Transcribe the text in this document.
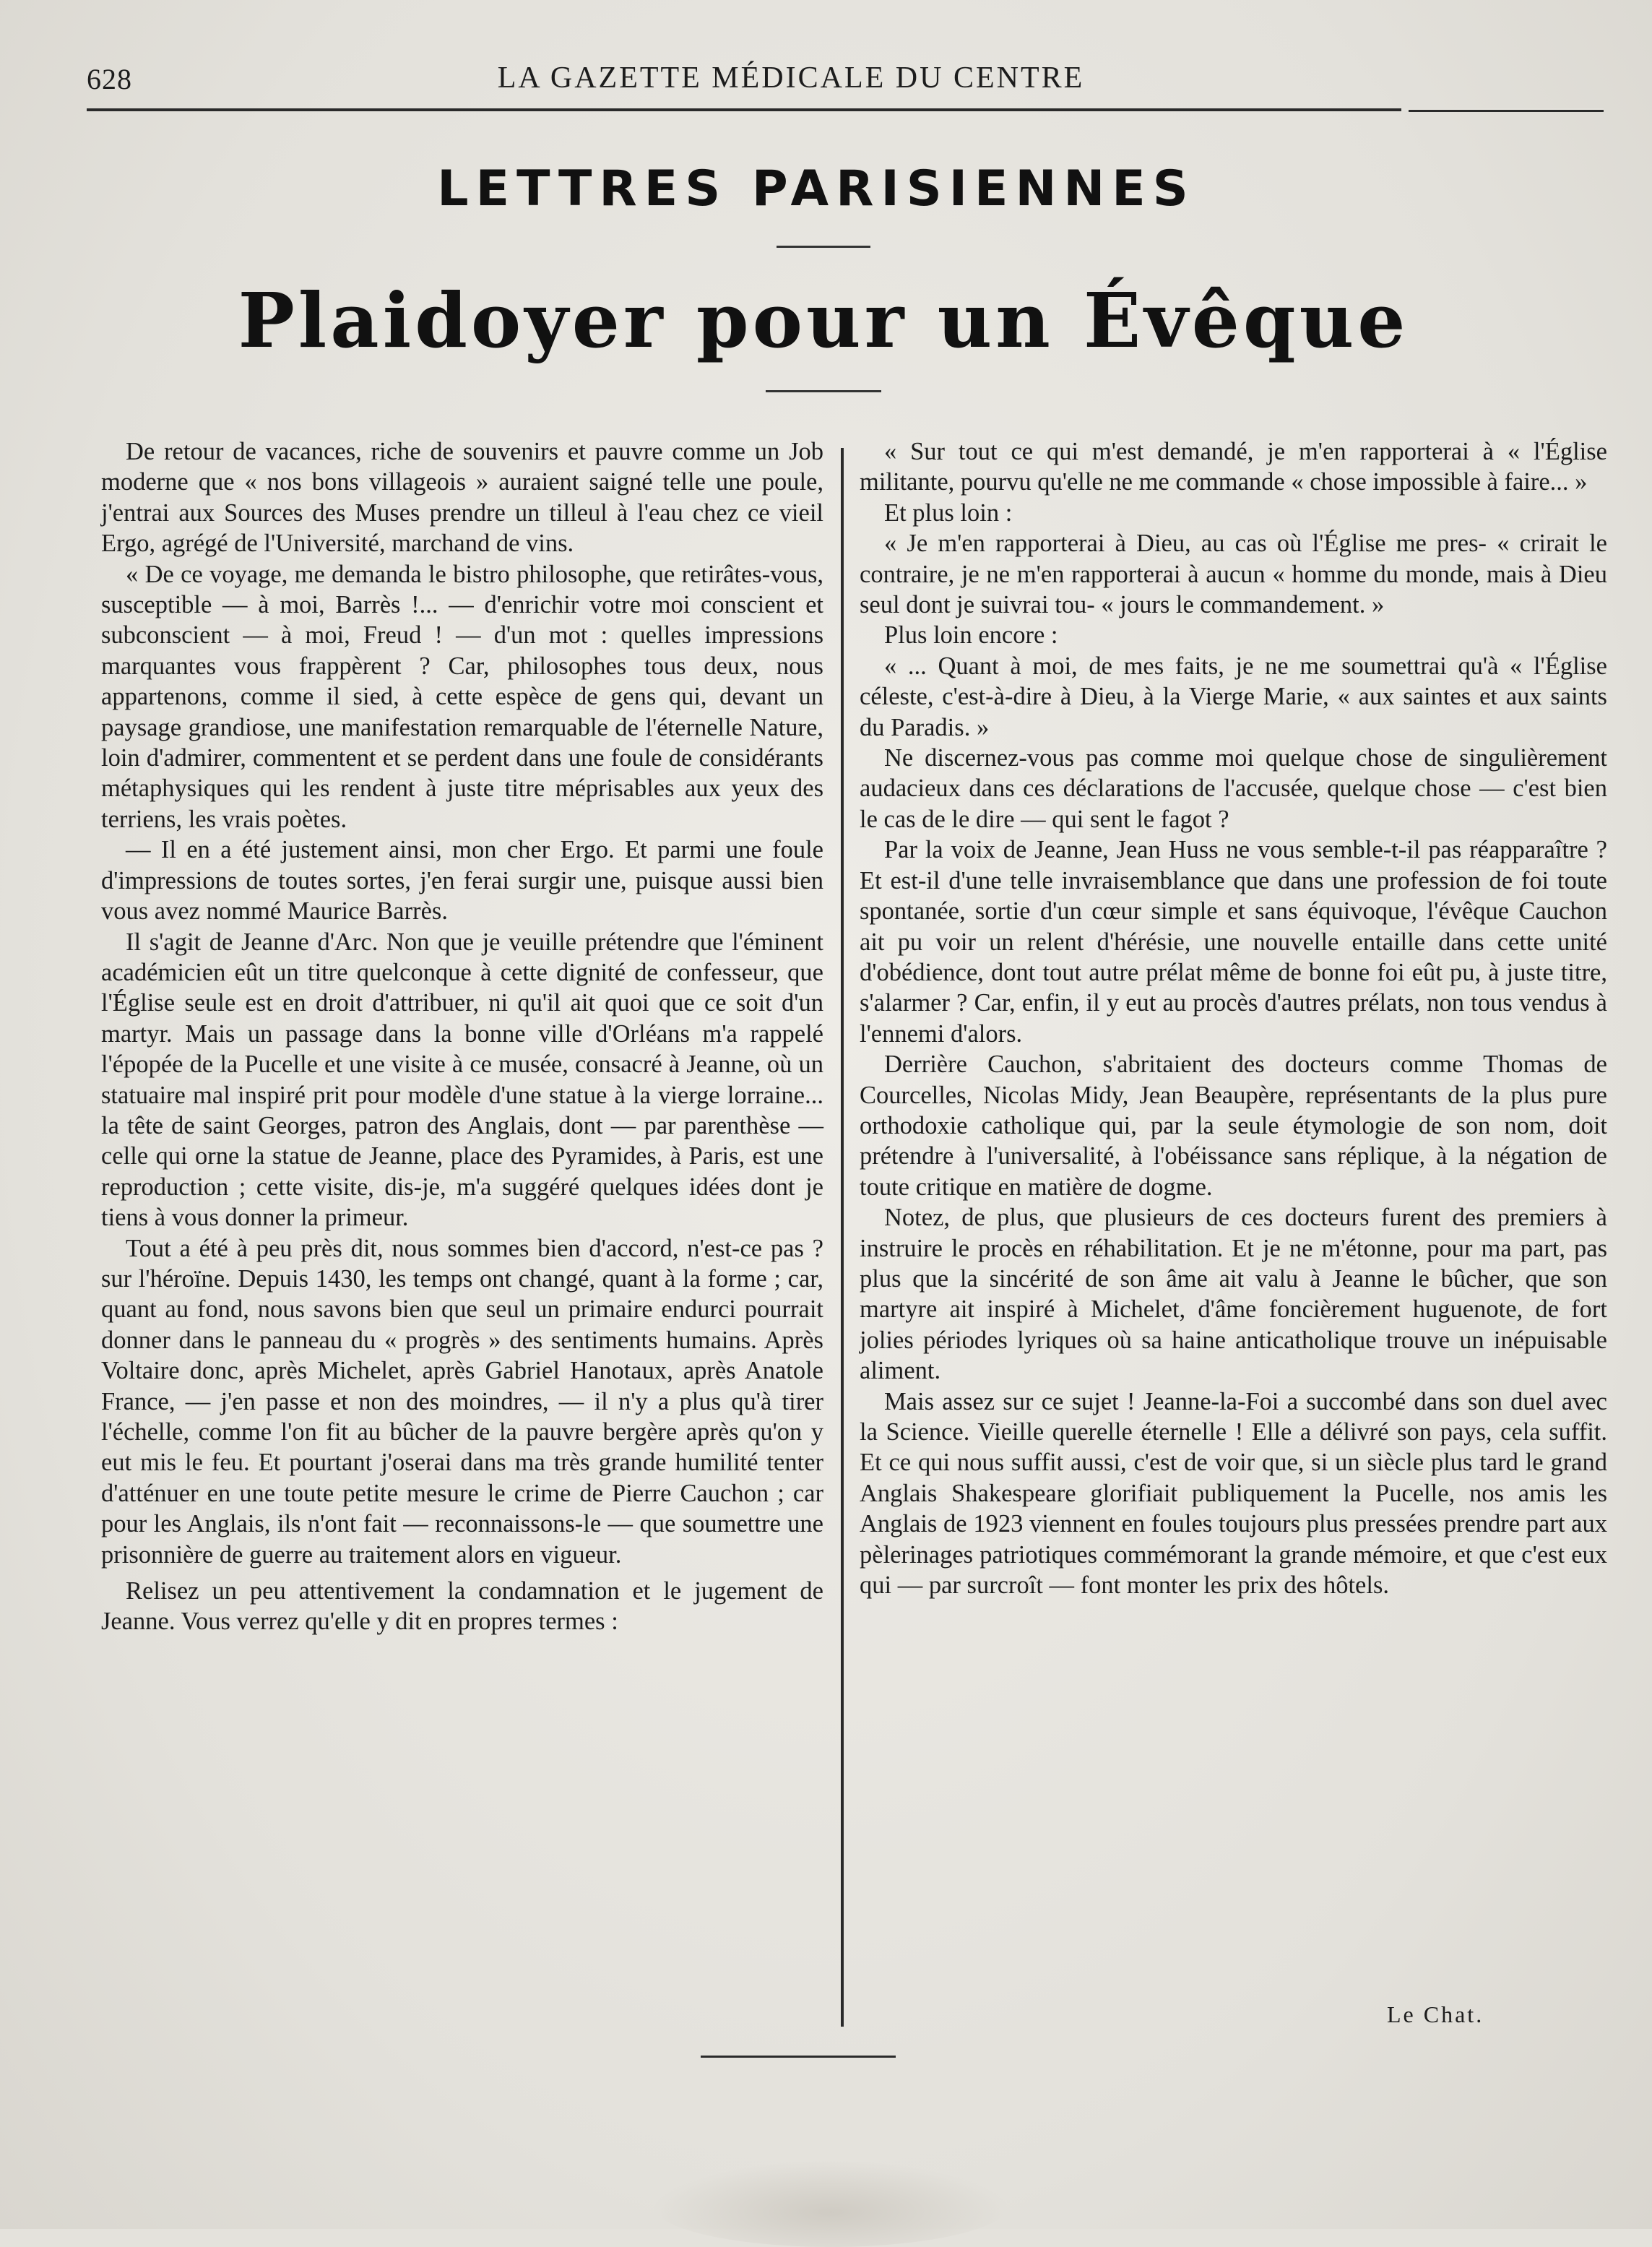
628	LA GAZETTE MÉDICALE DU CENTRE
LETTRES PARISIENNES
Plaidoyer pour un Évêque

De retour de vacances, riche de souvenirs et pauvre comme un Job moderne que « nos bons villageois » auraient saigné telle une poule, j'entrai aux Sources des Muses prendre un tilleul à l'eau chez ce vieil Ergo, agrégé de l'Université, marchand de vins.

« De ce voyage, me demanda le bistro philosophe, que retirâtes-vous, susceptible — à moi, Barrès !... — d'enrichir votre moi conscient et subconscient — à moi, Freud ! — d'un mot : quelles impressions marquantes vous frappèrent ? Car, philosophes tous deux, nous appartenons, comme il sied, à cette espèce de gens qui, devant un paysage grandiose, une manifestation remarquable de l'éternelle Nature, loin d'admirer, commentent et se perdent dans une foule de considérants métaphysiques qui les rendent à juste titre méprisables aux yeux des terriens, les vrais poètes.

— Il en a été justement ainsi, mon cher Ergo. Et parmi une foule d'impressions de toutes sortes, j'en ferai surgir une, puisque aussi bien vous avez nommé Maurice Barrès.

Il s'agit de Jeanne d'Arc. Non que je veuille prétendre que l'éminent académicien eût un titre quelconque à cette dignité de confesseur, que l'Église seule est en droit d'attribuer, ni qu'il ait quoi que ce soit d'un martyr. Mais un passage dans la bonne ville d'Orléans m'a rappelé l'épopée de la Pucelle et une visite à ce musée, consacré à Jeanne, où un statuaire mal inspiré prit pour modèle d'une statue à la vierge lorraine... la tête de saint Georges, patron des Anglais, dont — par parenthèse — celle qui orne la statue de Jeanne, place des Pyramides, à Paris, est une reproduction ; cette visite, dis-je, m'a suggéré quelques idées dont je tiens à vous donner la primeur.

Tout a été à peu près dit, nous sommes bien d'accord, n'est-ce pas ? sur l'héroïne. Depuis 1430, les temps ont changé, quant à la forme ; car, quant au fond, nous savons bien que seul un primaire endurci pourrait donner dans le panneau du « progrès » des sentiments humains. Après Voltaire donc, après Michelet, après Gabriel Hanotaux, après Anatole France, — j'en passe et non des moindres, — il n'y a plus qu'à tirer l'échelle, comme l'on fit au bûcher de la pauvre bergère après qu'on y eut mis le feu. Et pourtant j'oserai dans ma très grande humilité tenter d'atténuer en une toute petite mesure le crime de Pierre Cauchon ; car pour les Anglais, ils n'ont fait — reconnaissons-le — que soumettre une prisonnière de guerre au traitement alors en vigueur.

Relisez un peu attentivement la condamnation et le jugement de Jeanne. Vous verrez qu'elle y dit en propres termes :

« Sur tout ce qui m'est demandé, je m'en rapporterai à « l'Église militante, pourvu qu'elle ne me commande « chose impossible à faire... »

Et plus loin :

« Je m'en rapporterai à Dieu, au cas où l'Église me pres- « crirait le contraire, je ne m'en rapporterai à aucun « homme du monde, mais à Dieu seul dont je suivrai tou- « jours le commandement. »

Plus loin encore :

« ... Quant à moi, de mes faits, je ne me soumettrai qu'à « l'Église céleste, c'est-à-dire à Dieu, à la Vierge Marie, « aux saintes et aux saints du Paradis. »

Ne discernez-vous pas comme moi quelque chose de singulièrement audacieux dans ces déclarations de l'accusée, quelque chose — c'est bien le cas de le dire — qui sent le fagot ?

Par la voix de Jeanne, Jean Huss ne vous semble-t-il pas réapparaître ? Et est-il d'une telle invraisemblance que dans une profession de foi toute spontanée, sortie d'un cœur simple et sans équivoque, l'évêque Cauchon ait pu voir un relent d'hérésie, une nouvelle entaille dans cette unité d'obédience, dont tout autre prélat même de bonne foi eût pu, à juste titre, s'alarmer ? Car, enfin, il y eut au procès d'autres prélats, non tous vendus à l'ennemi d'alors.

Derrière Cauchon, s'abritaient des docteurs comme Thomas de Courcelles, Nicolas Midy, Jean Beaupère, représentants de la plus pure orthodoxie catholique qui, par la seule étymologie de son nom, doit prétendre à l'universalité, à l'obéissance sans réplique, à la négation de toute critique en matière de dogme.

Notez, de plus, que plusieurs de ces docteurs furent des premiers à instruire le procès en réhabilitation. Et je ne m'étonne, pour ma part, pas plus que la sincérité de son âme ait valu à Jeanne le bûcher, que son martyre ait inspiré à Michelet, d'âme foncièrement huguenote, de fort jolies périodes lyriques où sa haine anticatholique trouve un inépuisable aliment.

Mais assez sur ce sujet ! Jeanne-la-Foi a succombé dans son duel avec la Science. Vieille querelle éternelle ! Elle a délivré son pays, cela suffit. Et ce qui nous suffit aussi, c'est de voir que, si un siècle plus tard le grand Anglais Shakespeare glorifiait publiquement la Pucelle, nos amis les Anglais de 1923 viennent en foules toujours plus pressées prendre part aux pèlerinages patriotiques commémorant la grande mémoire, et que c'est eux qui — par surcroît — font monter les prix des hôtels.

Le Chat.
